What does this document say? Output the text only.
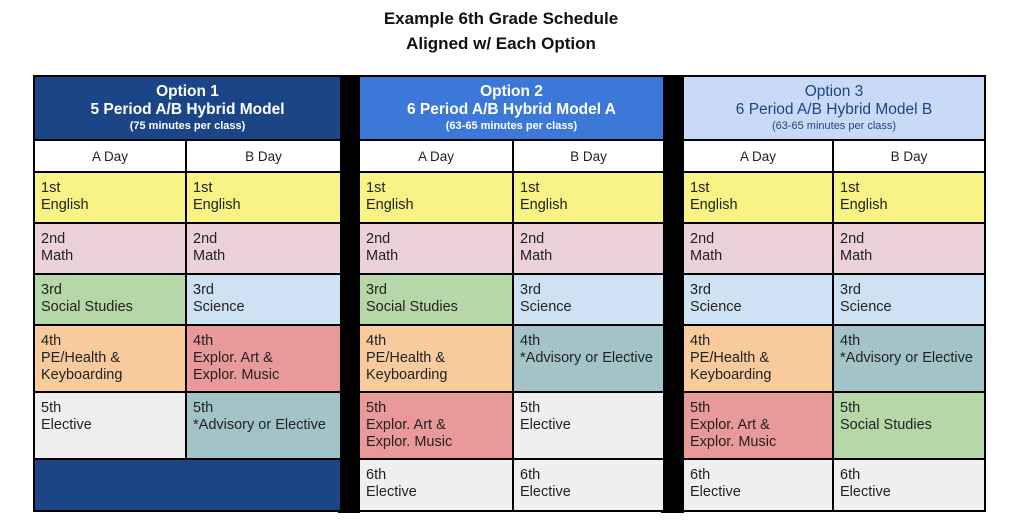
Example 6th Grade Schedule
Aligned w/ Each Option
Option 1
5 Period A/B Hybrid Model
(75 minutes per class)	

A Day	B Day

1st
English	1st
English

2nd
Math	2nd
Math

3rd
Social Studies	3rd
Science

4th
PE/Health &
Keyboarding	4th
Explor. Art &
Explor. Music

5th
Elective	5th
*Advisory or Elective

Option 2
6 Period A/B Hybrid Model A
(63-65 minutes per class)	

A Day	B Day

1st
English	1st
English

2nd
Math	2nd
Math

3rd
Social Studies	3rd
Science

4th
PE/Health &
Keyboarding	4th
*Advisory or Elective

5th
Explor. Art &
Explor. Music	5th
Elective

6th
Elective	6th
Elective
Option 3
6 Period A/B Hybrid Model B
(63-65 minutes per class)	

A Day	B Day

1st
English	1st
English

2nd
Math	2nd
Math

3rd
Science	3rd
Science

4th
PE/Health &
Keyboarding	4th
*Advisory or Elective

5th
Explor. Art &
Explor. Music	5th
Social Studies

6th
Elective	6th
Elective
